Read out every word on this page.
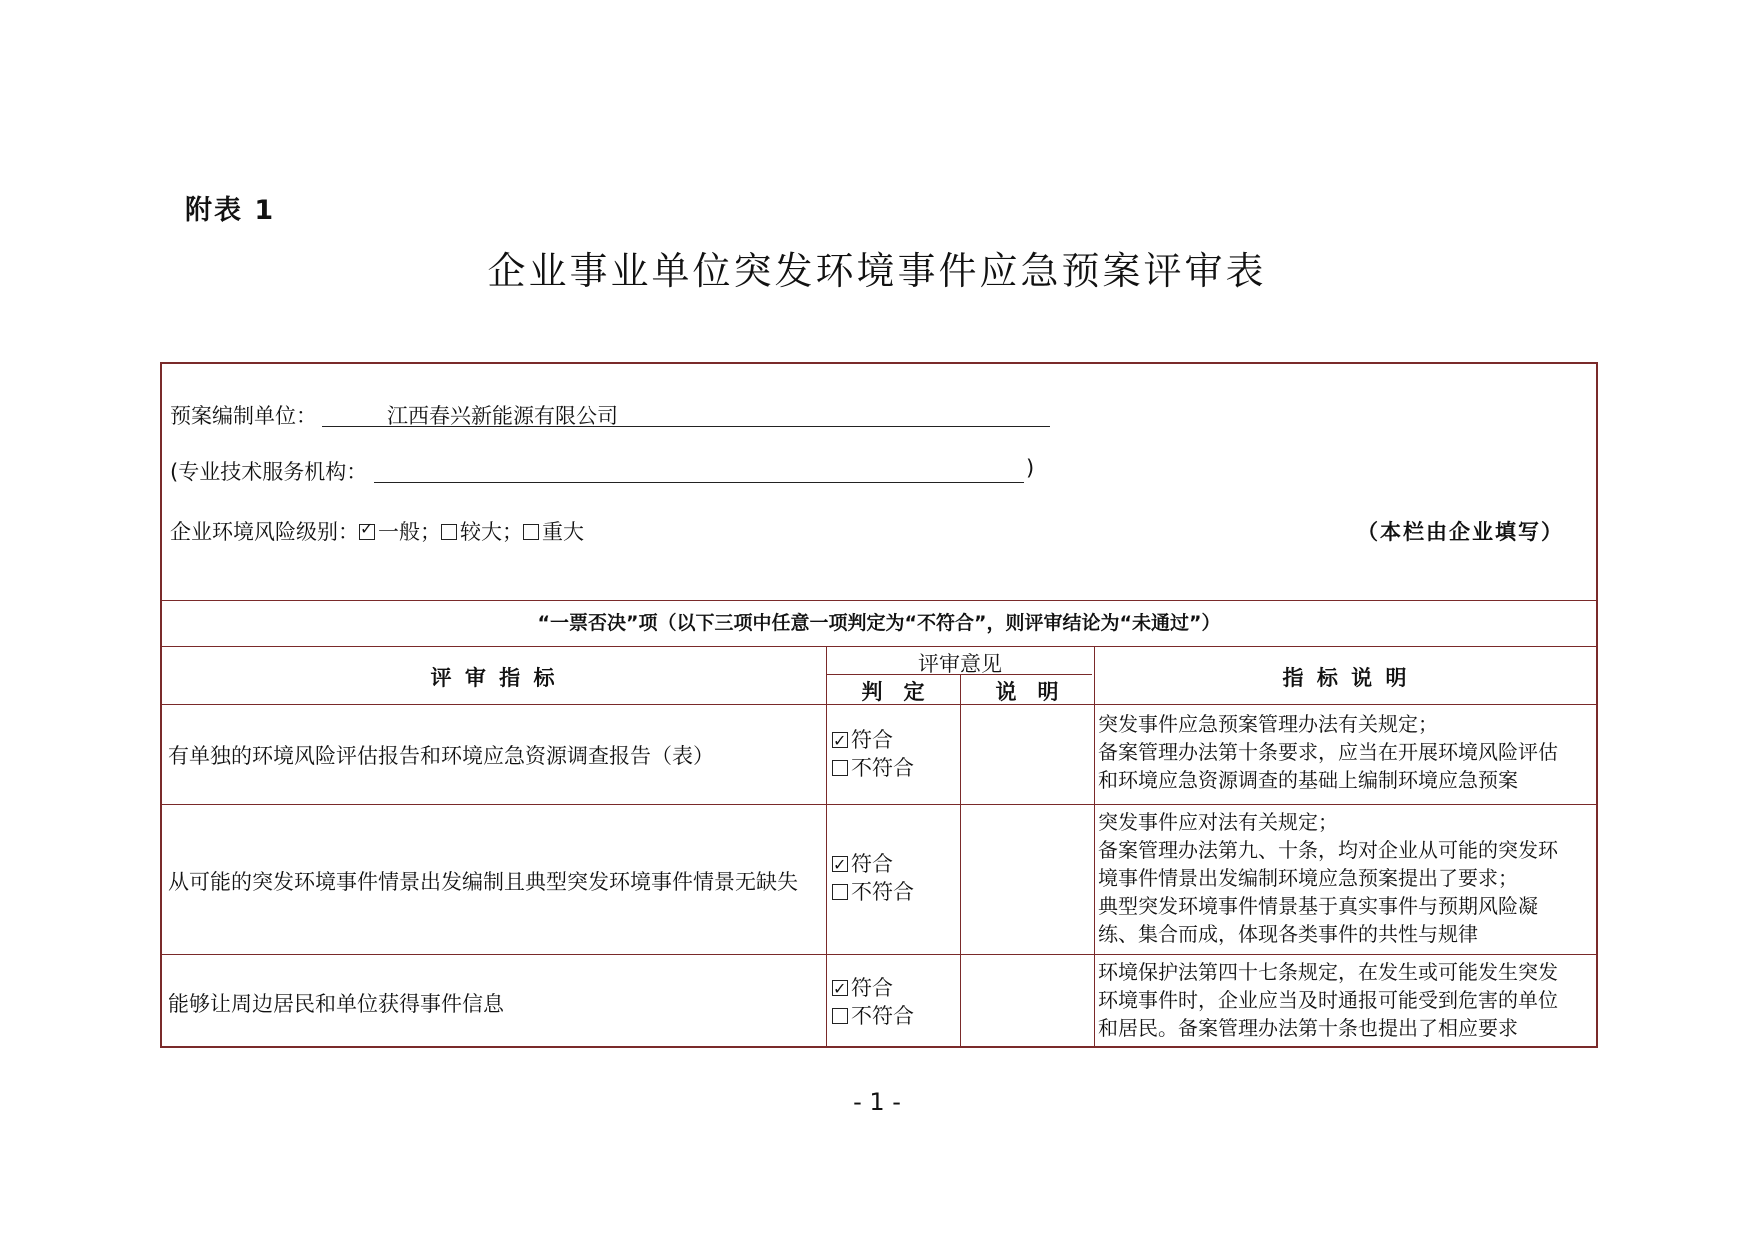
附表 1
企业事业单位突发环境事件应急预案评审表
预案编制单位：	江西春兴新能源有限公司
(专业技术服务机构：	)
企业环境风险级别：✓ 一般； 较大； 重大	（本栏由企业填写）
“一票否决”项（以下三项中任意一项判定为“不符合”，则评审结论为“未通过”）
评 审 指 标
评审意见
判　定	说　明
指 标 说 明
有单独的环境风险评估报告和环境应急资源调查报告（表）
✓符合
不符合
突发事件应急预案管理办法有关规定；
备案管理办法第十条要求，应当在开展环境风险评估
和环境应急资源调查的基础上编制环境应急预案
从可能的突发环境事件情景出发编制且典型突发环境事件情景无缺失
✓符合
不符合
突发事件应对法有关规定；
备案管理办法第九、十条，均对企业从可能的突发环
境事件情景出发编制环境应急预案提出了要求；
典型突发环境事件情景基于真实事件与预期风险凝
练、集合而成，体现各类事件的共性与规律
能够让周边居民和单位获得事件信息
✓符合
不符合
环境保护法第四十七条规定，在发生或可能发生突发
环境事件时，企业应当及时通报可能受到危害的单位
和居民。备案管理办法第十条也提出了相应要求
- 1 -
